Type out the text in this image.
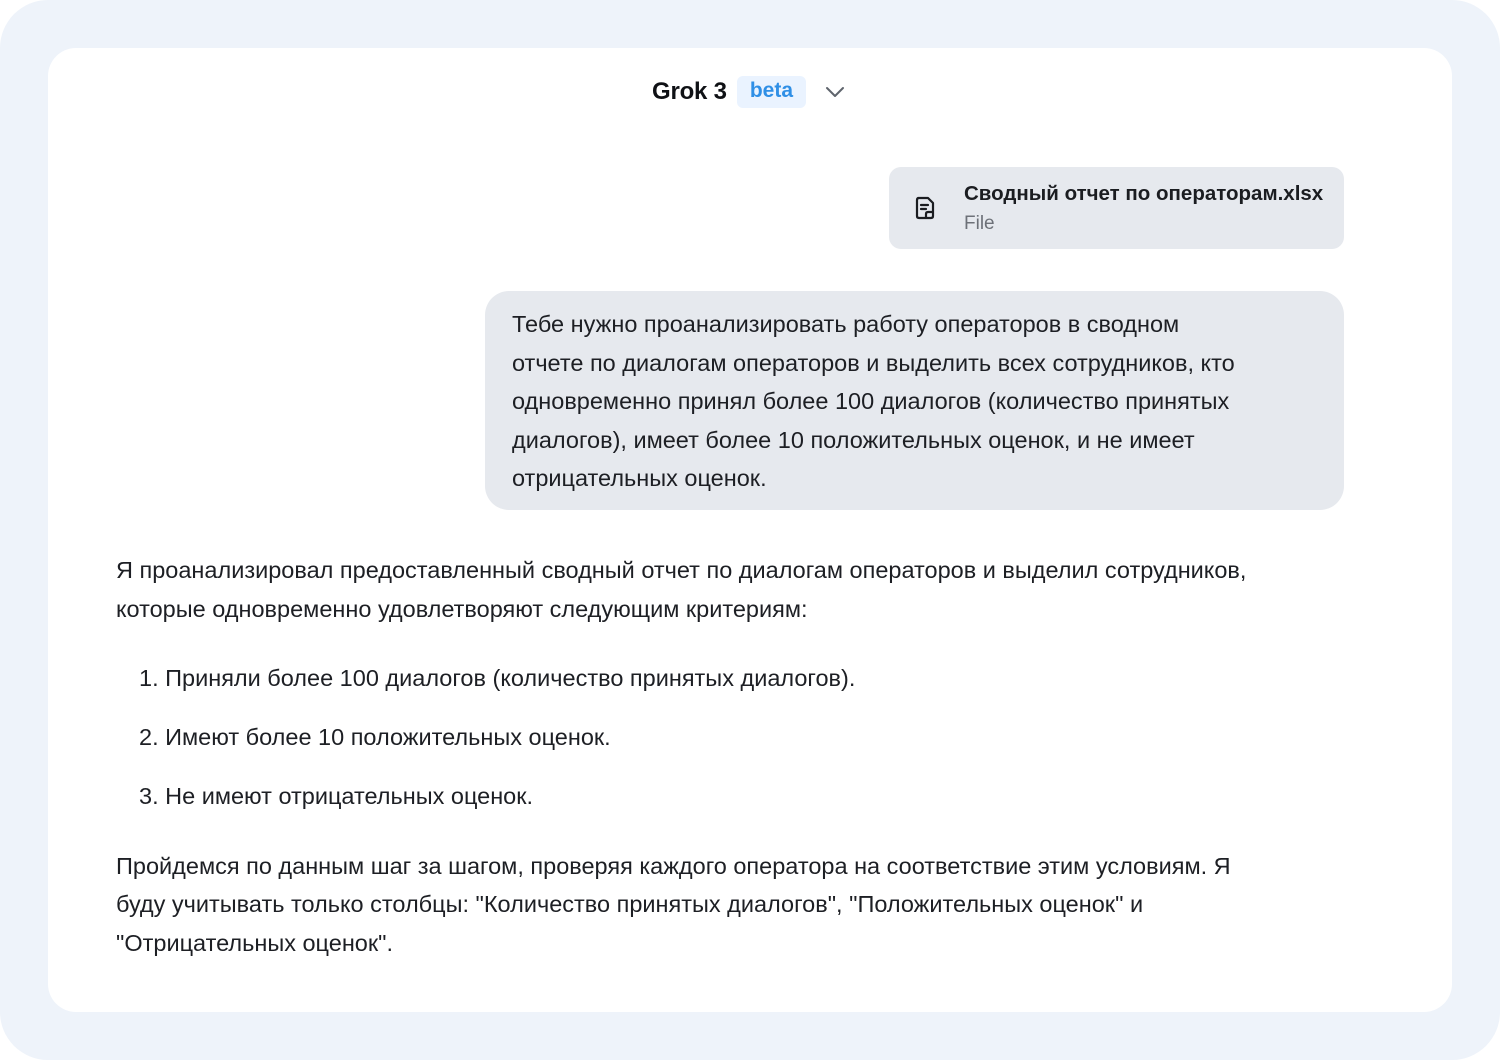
Grok 3	beta
Сводный отчет по операторам.xlsx
File
Тебе нужно проанализировать работу операторов в сводном
отчете по диалогам операторов и выделить всех сотрудников, кто
одновременно принял более 100 диалогов (количество принятых
диалогов), имеет более 10 положительных оценок, и не имеет
отрицательных оценок.

Я проанализировал предоставленный сводный отчет по диалогам операторов и выделил сотрудников,
которые одновременно удовлетворяют следующим критериям:

1. Приняли более 100 диалогов (количество принятых диалогов).
2. Имеют более 10 положительных оценок.
3. Не имеют отрицательных оценок.

Пройдемся по данным шаг за шагом, проверяя каждого оператора на соответствие этим условиям. Я
буду учитывать только столбцы: "Количество принятых диалогов", "Положительных оценок" и
"Отрицательных оценок".
